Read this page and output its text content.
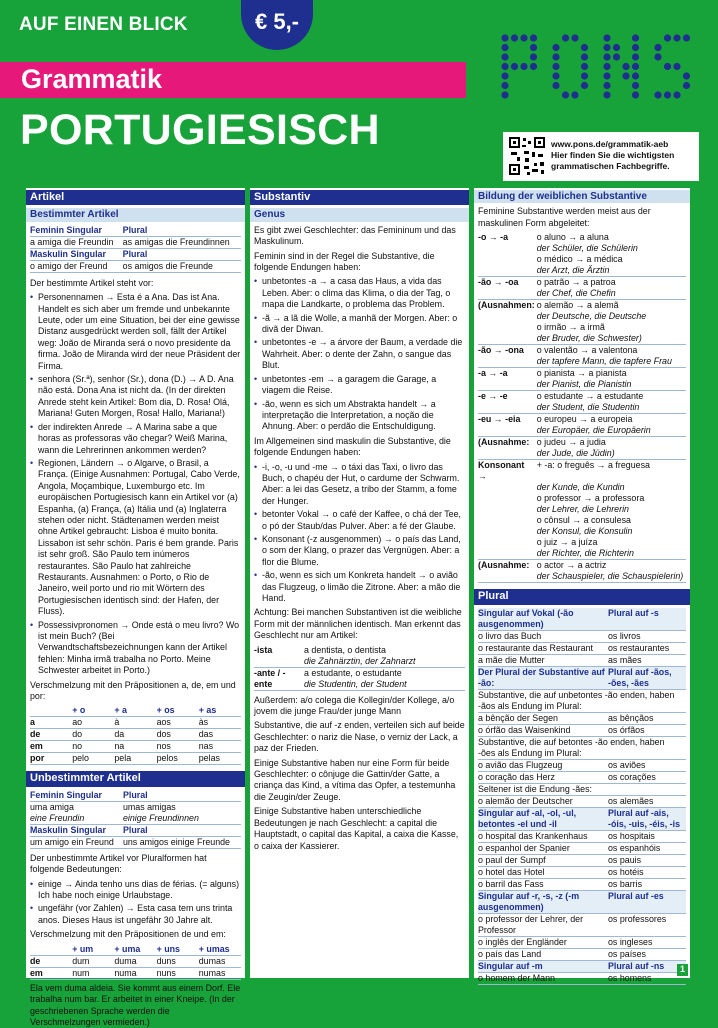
AUF EINEN BLICK	€ 5,-
Grammatik
PORTUGIESISCH	www.pons.de/grammatik-aeb
Hier finden Sie die wichtigsten
grammatischen Fachbegriffe.
Artikel
Bestimmter Artikel
Feminin Singular	Plural
a amiga die Freundin	as amigas die Freundinnen
Maskulin Singular	Plural
o amigo der Freund	os amigos die Freunde

Der bestimmte Artikel steht vor:

• Personennamen → Esta é a Ana. Das ist Ana. Handelt es sich aber um fremde und unbekannte Leute, oder um eine Situation, bei der eine gewisse Distanz ausgedrückt werden soll, fällt der Artikel weg: João de Miranda será o novo presidente da firma. João de Miranda wird der neue Präsident der Firma.
• senhora (Sr.ª), senhor (Sr.), dona (D.) → A D. Ana não está. Dona Ana ist nicht da. (In der direkten Anrede steht kein Artikel: Bom dia, D. Rosa! Olá, Mariana! Guten Morgen, Rosa! Hallo, Mariana!)
• der indirekten Anrede → A Marina sabe a que horas as professoras vão chegar? Weiß Marina, wann die Lehrerinnen ankommen werden?
• Regionen, Ländern → o Algarve, o Brasil, a França. (Einige Ausnahmen: Portugal, Cabo Verde, Angola, Moçambique, Luxemburgo etc. Im europäischen Portugiesisch kann ein Artikel vor (a) Espanha, (a) França, (a) Itália und (a) Inglaterra stehen oder nicht. Städtenamen werden meist ohne Artikel gebraucht: Lisboa é muito bonita. Lissabon ist sehr schön. Paris é bem grande. Paris ist sehr groß. São Paulo tem inúmeros restaurantes. São Paulo hat zahlreiche Restaurants. Ausnahmen: o Porto, o Rio de Janeiro, weil porto und rio mit Wörtern des Portugiesischen identisch sind: der Hafen, der Fluss).
• Possessivpronomen → Onde está o meu livro? Wo ist mein Buch? (Bei Verwandtschaftsbezeichnungen kann der Artikel fehlen: Minha irmã trabalha no Porto. Meine Schwester arbeitet in Porto.)

Verschmelzung mit den Präpositionen a, de, em und por:

	+ o	+ a	+ os	+ as
a	ao	à	aos	às
de	do	da	dos	das
em	no	na	nos	nas
por	pelo	pela	pelos	pelas
Unbestimmter Artikel
Feminin Singular	Plural
uma amiga	umas amigas
eine Freundin	einige Freundinnen
Maskulin Singular	Plural
um amigo ein Freund	uns amigos einige Freunde

Der unbestimmte Artikel vor Pluralformen hat folgende Bedeutungen:

• einige → Ainda tenho uns dias de férias. (= alguns) Ich habe noch einige Urlaubstage.
• ungefähr (vor Zahlen) → Esta casa tem uns trinta anos. Dieses Haus ist ungefähr 30 Jahre alt.

Verschmelzung mit den Präpositionen de und em:

	+ um	+ uma	+ uns	+ umas
de	dum	duma	duns	dumas
em	num	numa	nuns	numas

Ela vem duma aldeia. Sie kommt aus einem Dorf. Ele trabalha num bar. Er arbeitet in einer Kneipe. (In der geschriebenen Sprache werden die Verschmelzungen vermieden.)

Substantiv
Genus

Es gibt zwei Geschlechter: das Femininum und das Maskulinum.

Feminin sind in der Regel die Substantive, die folgende Endungen haben:

• unbetontes -a → a casa das Haus, a vida das Leben. Aber: o clima das Klima, o dia der Tag, o mapa die Landkarte, o problema das Problem.
• -ã → a lã die Wolle, a manhã der Morgen. Aber: o divã der Diwan.
• unbetontes -e → a árvore der Baum, a verdade die Wahrheit. Aber: o dente der Zahn, o sangue das Blut.
• unbetontes -em → a garagem die Garage, a viagem die Reise.
• -ão, wenn es sich um Abstrakta handelt → a interpretação die Interpretation, a noção die Ahnung. Aber: o perdão die Entschuldigung.

Im Allgemeinen sind maskulin die Substantive, die folgende Endungen haben:

• -i, -o, -u und -me → o táxi das Taxi, o livro das Buch, o chapéu der Hut, o cardume der Schwarm. Aber: a lei das Gesetz, a tribo der Stamm, a fome der Hunger.
• betonter Vokal → o café der Kaffee, o chá der Tee, o pó der Staub/das Pulver. Aber: a fé der Glaube.
• Konsonant (-z ausgenommen) → o país das Land, o som der Klang, o prazer das Vergnügen. Aber: a flor die Blume.
• -ão, wenn es sich um Konkreta handelt → o avião das Flugzeug, o limão die Zitrone. Aber: a mão die Hand.

Achtung: Bei manchen Substantiven ist die weibliche Form mit der männlichen identisch. Man erkennt das Geschlecht nur am Artikel:

-ista	a dentista, o dentista
die Zahnärztin, der Zahnarzt

-ante / -ente	a estudante, o estudante
die Studentin, der Student

Außerdem: a/o colega die Kollegin/der Kollege, a/o jovem die junge Frau/der junge Mann

Substantive, die auf -z enden, verteilen sich auf beide Geschlechter: o nariz die Nase, o verniz der Lack, a paz der Frieden.

Einige Substantive haben nur eine Form für beide Geschlechter: o cônjuge die Gattin/der Gatte, a criança das Kind, a vítima das Opfer, a testemunha die Zeugin/der Zeuge.

Einige Substantive haben unterschiedliche Bedeutungen je nach Geschlecht: a capital die Hauptstadt, o capital das Kapital, a caixa die Kasse, o caixa der Kassierer.

Bildung der weiblichen Substantive

Feminine Substantive werden meist aus der maskulinen Form abgeleitet:

-o → -a	o aluno → a aluna
	der Schüler, die Schülerin
	o médico → a médica
	der Arzt, die Ärztin
-ão → -oa	o patrão → a patroa
	der Chef, die Chefin
(Ausnahmen:	o alemão → a alemã
	der Deutsche, die Deutsche
	o irmão → a irmã
	der Bruder, die Schwester)
-ão → -ona	o valentão → a valentona
	der tapfere Mann, die tapfere Frau
-a → -a	o pianista → a pianista
	der Pianist, die Pianistin
-e → -e	o estudante → a estudante
	der Student, die Studentin
-eu → -eia	o europeu → a europeia
	der Europäer, die Europäerin
(Ausnahme:	o judeu → a judia
	der Jude, die Jüdin)
Konsonant →	+ -a: o freguês → a freguesa
	der Kunde, die Kundin
	o professor → a professora
	der Lehrer, die Lehrerin
	o cônsul → a consulesa
	der Konsul, die Konsulin
	o juiz → a juíza
	der Richter, die Richterin
(Ausnahme:	o actor → a actriz
	der Schauspieler, die Schauspielerin)
Plural
Singular auf Vokal (-ão ausgenommen)	Plural auf -s
o livro das Buch	os livros
o restaurante das Restaurant	os restaurantes
a mãe die Mutter	as mães
Der Plural der Substantive auf -ão:	Plural auf -ãos, -ões, -ães
Substantive, die auf unbetontes -ão enden, haben -ãos als Endung im Plural:	
a bênção der Segen	as bênçãos
o órfão das Waisenkind	os órfãos
Substantive, die auf betontes -ão enden, haben -ões als Endung im Plural:	
o avião das Flugzeug	os aviões
o coração das Herz	os corações
Seltener ist die Endung -ães:	
o alemão der Deutscher	os alemães
Singular auf -al, -ol, -ul, betontes -el und -il	Plural auf -ais, -óis, -uis, -éis, -is
o hospital das Krankenhaus	os hospitais
o espanhol der Spanier	os espanhóis
o paul der Sumpf	os pauis
o hotel das Hotel	os hotéis
o barril das Fass	os barris
Singular auf -r, -s, -z (-m ausgenommen)	Plural auf -es
o professor der Lehrer, der Professor	os professores
o inglês der Engländer	os ingleses
o país das Land	os países
Singular auf -m	Plural auf -ns
o homem der Mann	os homens
1
